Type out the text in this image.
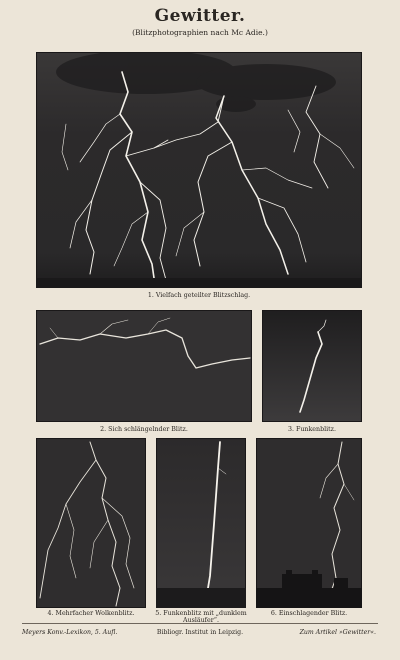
Gewitter.
(Blitzphotographien nach Mc Adie.)
1. Vielfach geteilter Blitzschlag.
2. Sich schlängelnder Blitz.	3. Funkenblitz.
4. Mehrfacher Wolkenblitz.	5. Funkenblitz mit „dunklem Ausläufer“.
6. Einschlagender Blitz.
Meyers Konv.-Lexikon, 5. Aufl.	Bibliogr. Institut in Leipzig.	Zum Artikel »Gewitter«.
